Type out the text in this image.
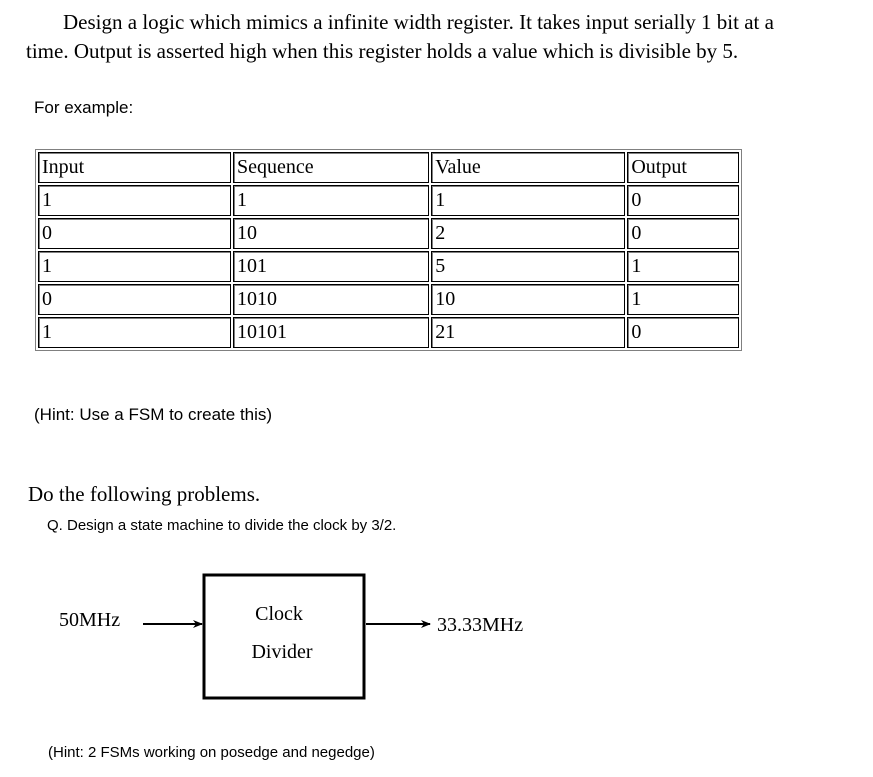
Design a logic which mimics a infinite width register. It takes input serially 1 bit at a
time. Output is asserted high when this register holds a value which is divisible by 5.
For example:
Input	Sequence	Value	Output
1	1	1	0
0	10	2	0
1	101	5	1
0	1010	10	1
1	10101	21	0
(Hint: Use a FSM to create this)
Do the following problems.
Q. Design a state machine to divide the clock by 3/2.
50MHz	Clock
Divider
33.33MHz
(Hint: 2 FSMs working on posedge and negedge)
